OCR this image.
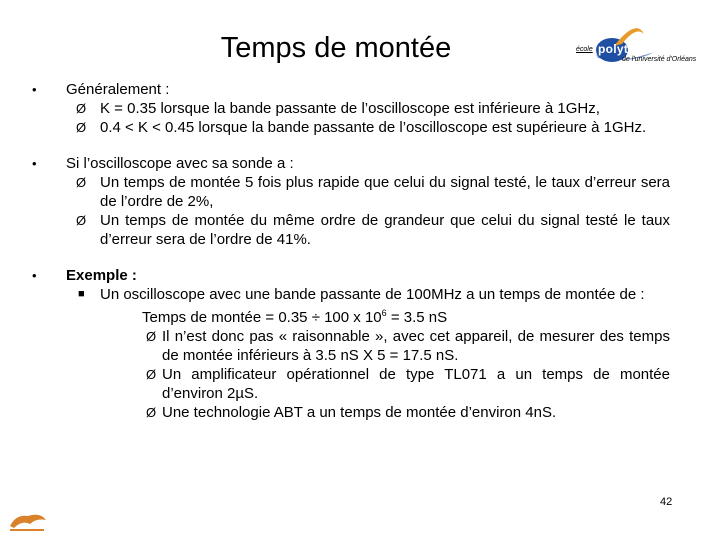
Temps de montée	école polytechnique
de l'université d'Orléans
• Généralement :
Ø K = 0.35 lorsque la bande passante de l’oscilloscope est inférieure à 1GHz,
Ø 0.4 < K < 0.45 lorsque la bande passante de l’oscilloscope est supérieure à 1GHz.
• Si l’oscilloscope avec sa sonde a :
Ø Un temps de montée 5 fois plus rapide que celui du signal testé, le taux d’erreur sera de l’ordre de 2%,
Ø Un temps de montée du même ordre de grandeur que celui du signal testé le taux d’erreur sera de l’ordre de 41%.
• Exemple :
■ Un oscilloscope avec une bande passante de 100MHz a un temps de montée de :
Temps de montée = 0.35 ÷ 100 x $10^6 = 3.5$ nS
Ø Il n’est donc pas « raisonnable », avec cet appareil, de mesurer des temps de montée inférieurs à 3.5 nS X 5 = 17.5 nS.
Ø Un amplificateur opérationnel de type TL071 a un temps de montée d’environ 2µS.
Ø Une technologie ABT a un temps de montée d’environ 4nS.
42
